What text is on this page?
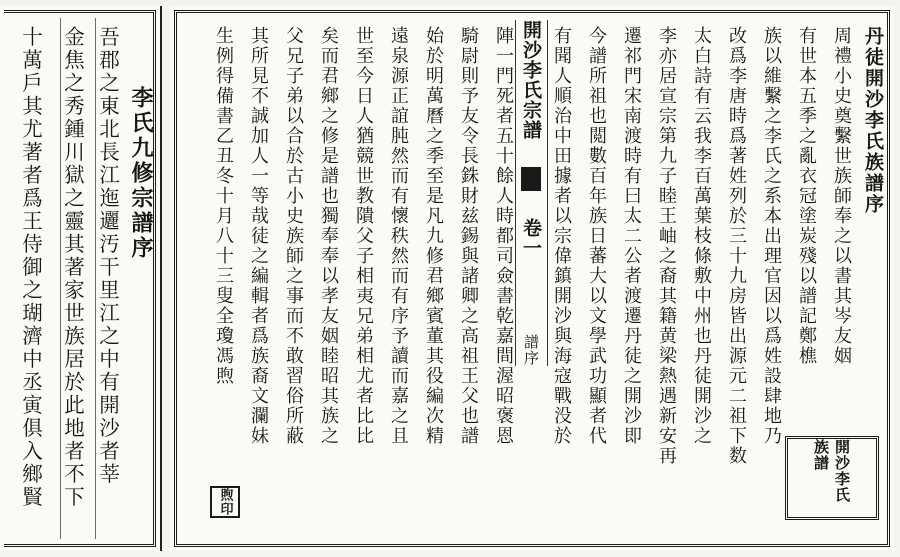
十萬戶其尤著者爲王侍御之瑚濟中丞寅俱入鄉賢 金焦之秀鍾川獄之靈其著家世族居於此地者不下 吾郡之東北長江迤邐汚干里江之中有開沙者莘 李氏九修宗譜序	生例得備書乙丑冬十月八十三叟全瓊馮煦 其所見不誠加人一等哉徒之編輯者爲族裔文瀾妹 父兄子弟以合於古小史族師之事而不敢習俗所蔽 矣而君鄉之修是譜也獨奉奉以孝友姻睦昭其族之 世至今日人猶競世教隤父子相夷兄弟相尤者比比 遠泉源正誼肫然而有懷秩然而有序予讀而嘉之且 始於明萬曆之季至是凡九修君鄉賓董其役編次精 騎尉則予友令長銖財兹錫與諸卿之高祖王父也譜 陣一門死者五十餘人時都司僉書乾嘉間渥昭褒恩 開沙李氏宗譜  卷一  譜序 有聞人順治中田據者以宗偉鎮開沙與海寇戰没於 今譜所祖也閲數百年族日蕃大以文學武功顯者代 遷祁門宋南渡時有曰太二公者渡遷丹徒之開沙即 李亦居宣宗第九子睦王岫之裔其籍黄梁熱遇新安再 太白詩有云我李百萬葉枝條敷中州也丹徒開沙之 改爲李唐時爲著姓列於三十九房皆出源元二祖下数 族以維繫之李氏之系本出理官因以爲姓設肆地乃 有世本五季之亂衣冠塗炭殘以譜記鄭樵 周禮小史奠繫世族師奉之以書其岑友姻 丹徒開沙李氏族譜序
煦印	開沙李氏族譜
